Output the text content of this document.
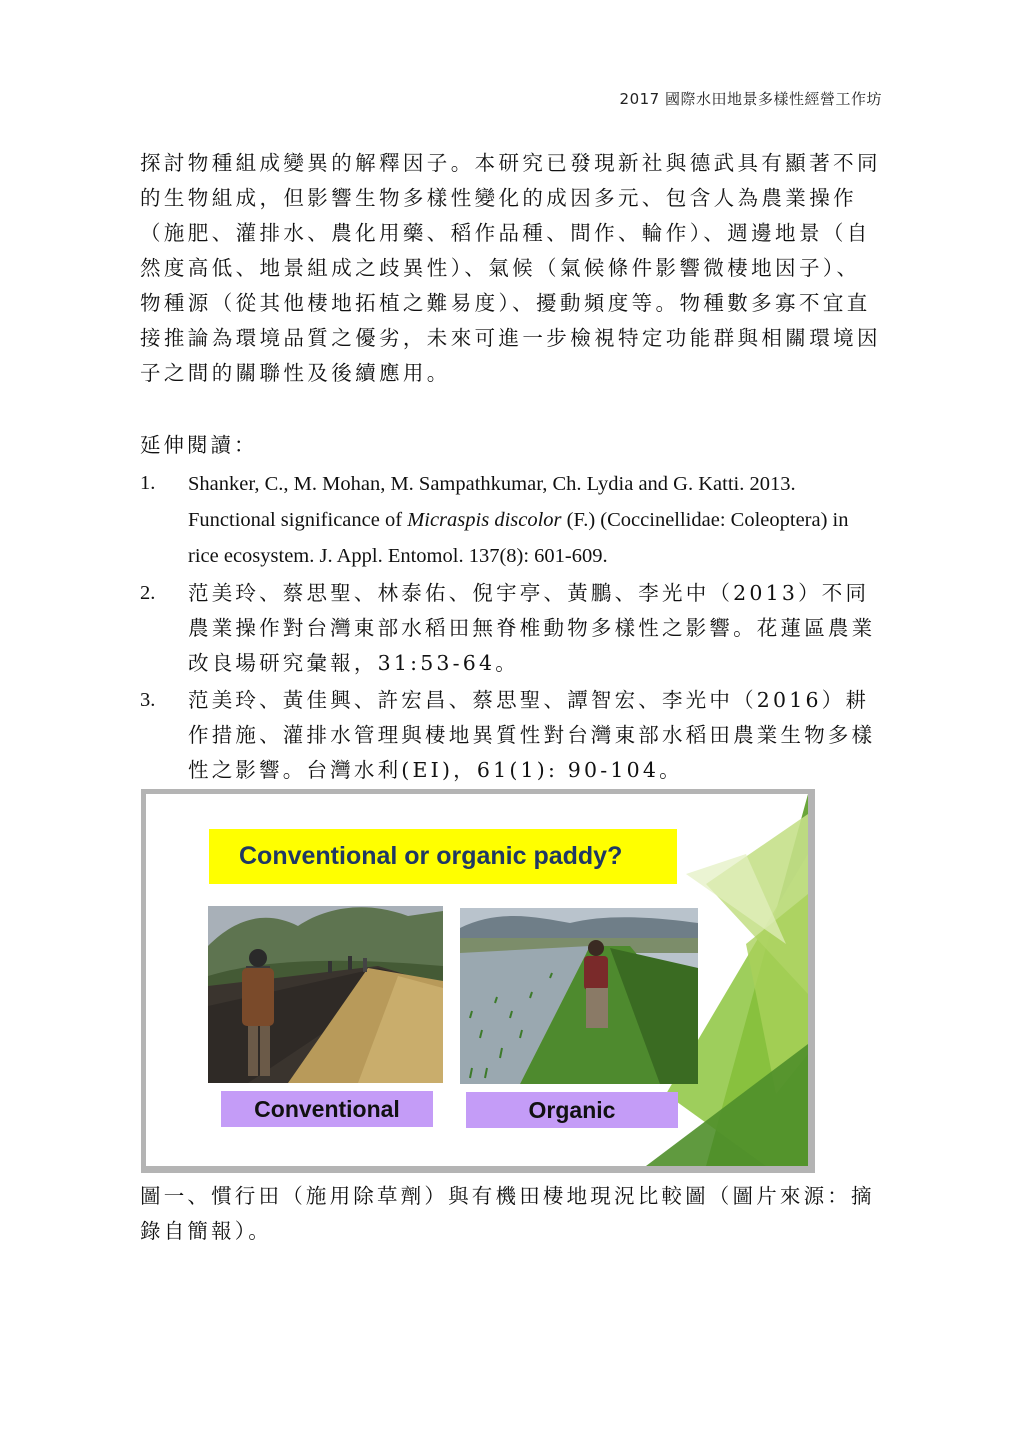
2017 國際水田地景多樣性經營工作坊

探討物種組成變異的解釋因子。本研究已發現新社與德武具有顯著不同的生物組成，但影響生物多樣性變化的成因多元、包含人為農業操作（施肥、灌排水、農化用藥、稻作品種、間作、輪作）、週邊地景（自然度高低、地景組成之歧異性）、氣候（氣候條件影響微棲地因子）、物種源（從其他棲地拓植之難易度）、擾動頻度等。物種數多寡不宜直接推論為環境品質之優劣，未來可進一步檢視特定功能群與相關環境因子之間的關聯性及後續應用。

延伸閱讀：
1. Shanker, C., M. Mohan, M. Sampathkumar, Ch. Lydia and G. Katti. 2013. Functional significance of Micraspis discolor (F.) (Coccinellidae: Coleoptera) in rice ecosystem. J. Appl. Entomol. 137(8): 601-609.
2. 范美玲、蔡思聖、林泰佑、倪宇亭、黃鵬、李光中（2013）不同農業操作對台灣東部水稻田無脊椎動物多樣性之影響。花蓮區農業改良場研究彙報，31:53-64。
3. 范美玲、黃佳興、許宏昌、蔡思聖、譚智宏、李光中（2016）耕作措施、灌排水管理與棲地異質性對台灣東部水稻田農業生物多樣性之影響。台灣水利(EI)，61(1): 90-104。
Conventional or organic paddy?
Conventional	Organic

圖一、慣行田（施用除草劑）與有機田棲地現況比較圖（圖片來源：摘錄自簡報）。
